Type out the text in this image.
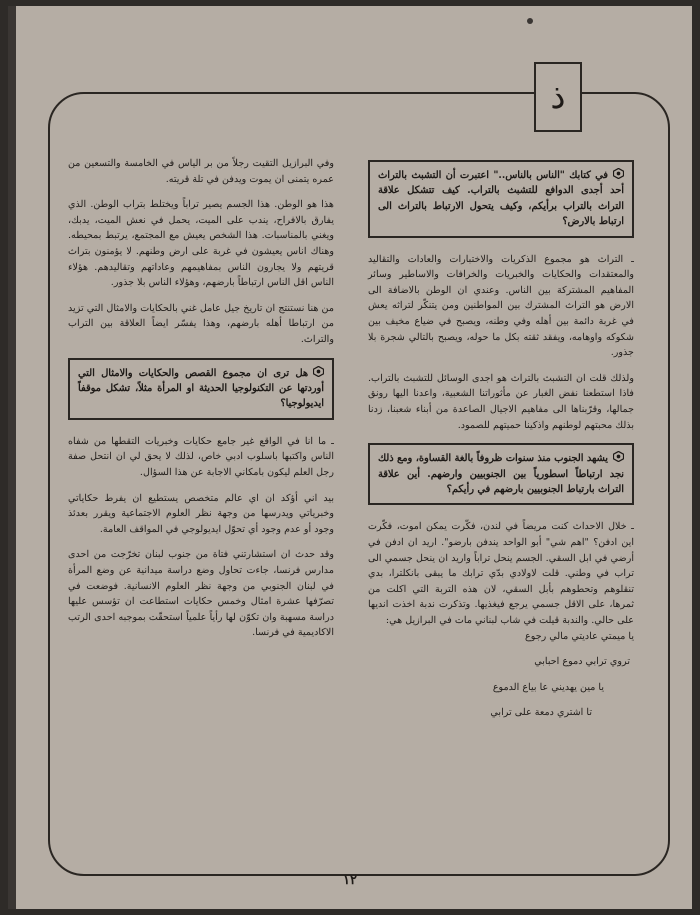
ذ
في كتابك "الناس بالناس.." اعتبرت أن التشبث بالتراث أحد أجدى الدوافع للتشبث بالتراب. كيف تتشكل علاقة التراث بالتراب برأيكم، وكيف يتحول الارتباط بالتراث الى ارتباط بالارض؟

ـ التراث هو مجموع الذكريات والاختبارات والعادات والتقاليد والمعتقدات والحكايات والخبريات والخرافات والاساطير وسائر المفاهيم المشتركة بين الناس. وعندي ان الوطن بالاضافة الى الارض هو التراث المشترك بين المواطنين ومن يتنكّر لتراثه يعش في غربة دائمة بين أهله وفي وطنه، ويصبح في ضياع مخيف بين شكوكه واوهامه، ويفقد ثقته بكل ما حوله، ويصبح بالتالي شجرة بلا جذور.

ولذلك قلت ان التشبث بالتراث هو اجدى الوسائل للتشبث بالتراب. فاذا استطعنا نفض الغبار عن مأثوراتنا الشعبية، واعدنا اليها رونق جمالها، وقرّبناها الى مفاهيم الاجيال الصاعدة من أبناء شعبنا، زدنا بذلك محبتهم لوطنهم واذكينا حميتهم للصمود.

يشهد الجنوب منذ سنوات ظروفاً بالغة القساوة، ومع ذلك نجد ارتباطاً اسطورياً بين الجنوبيين وارضهم. أين علاقة التراث بارتباط الجنوبيين بارضهم في رأيكم؟

ـ خلال الاحداث كنت مريضاً في لندن، فكّرت يمكن اموت، فكّرت اين ادفن؟ "اهم شي" أبو الواحد يندفن بارضو". اريد ان ادفن في أرضي في ابل السقي. الجسم ينحل تراباً واريد ان ينحل جسمي الى تراب في وطني. قلت لاولادي بدّي ترابك ما يبقى بانكلترا، بدي تنقلوهم وتحطوهم بأبل السقي، لان هذه التربة التي اكلت من ثمرها، على الاقل جسمي يرجع فيغذيها. وتذكرت ندبة اخذت انديها على حالي. والندبة قيلت في شاب لبناني مات في البرازيل هي:

يا ميمتي عاديتي مالي رجوع

تروي ترابي دموع احبابي

يا مين يهديني عا بياع الدموع

تا اشتري دمعة على ترابي

وفي البرازيل التقيت رجلاً من بر الياس في الخامسة والتسعين من عمره يتمنى ان يموت ويدفن في تلة قريته.

هذا هو الوطن. هذا الجسم يصير تراباً ويختلط بتراب الوطن. الذي يفارق بالافراح، يندب على الميت، يحمل في نعش الميت، يدبك، ويغني بالمناسبات. هذا الشخص يعيش مع المجتمع، يرتبط بمحيطه. وهناك اناس يعيشون في غربة على ارض وطنهم. لا يؤمنون بتراث قريتهم ولا يجارون الناس بمفاهيمهم وعاداتهم وتقاليدهم. هؤلاء الناس اقل الناس ارتباطاً بارضهم، وهؤلاء الناس بلا جذور.

من هنا نستنتج ان تاريخ جيل عامل غني بالحكايات والامثال التي تزيد من ارتباطا أهله بارضهم، وهذا يفسّر ايضاً العلاقة بين التراب والتراث.

هل ترى ان مجموع القصص والحكايات والامثال التي أوردتها عن التكنولوجيا الحديثة او المرأة مثلاً، تشكل موقفاً ايديولوجيا؟

ـ ما انا في الواقع غير جامع حكايات وخبريات التقطها من شفاه الناس واكتبها باسلوب ادبي خاص، لذلك لا يحق لي ان انتحل صفة رجل العلم ليكون بامكاني الاجابة عن هذا السؤال.

بيد اني أؤكد ان اي عالم متخصص يستطيع ان يفرط حكاياتي وخبرياتي ويدرسها من وجهة نظر العلوم الاجتماعية ويقرر بعدئذ وجود أو عدم وجود أي تحوّل ايديولوجي في المواقف العامة.

وقد حدث ان استشارتني فتاة من جنوب لبنان تخرّجت من احدى مدارس فرنسا، جاءت تحاول وضع دراسة ميدانية عن وضع المرأة في لبنان الجنوبي من وجهة نظر العلوم الانسانية. فوضعت في تصرّفها عشرة امثال وخمس حكايات استطاعت ان تؤسس عليها دراسة مسهبة وان تكوّن لها رأياً علمياً استحقّت بموجبه احدى الرتب الاكاديمية في فرنسا.

١٢
